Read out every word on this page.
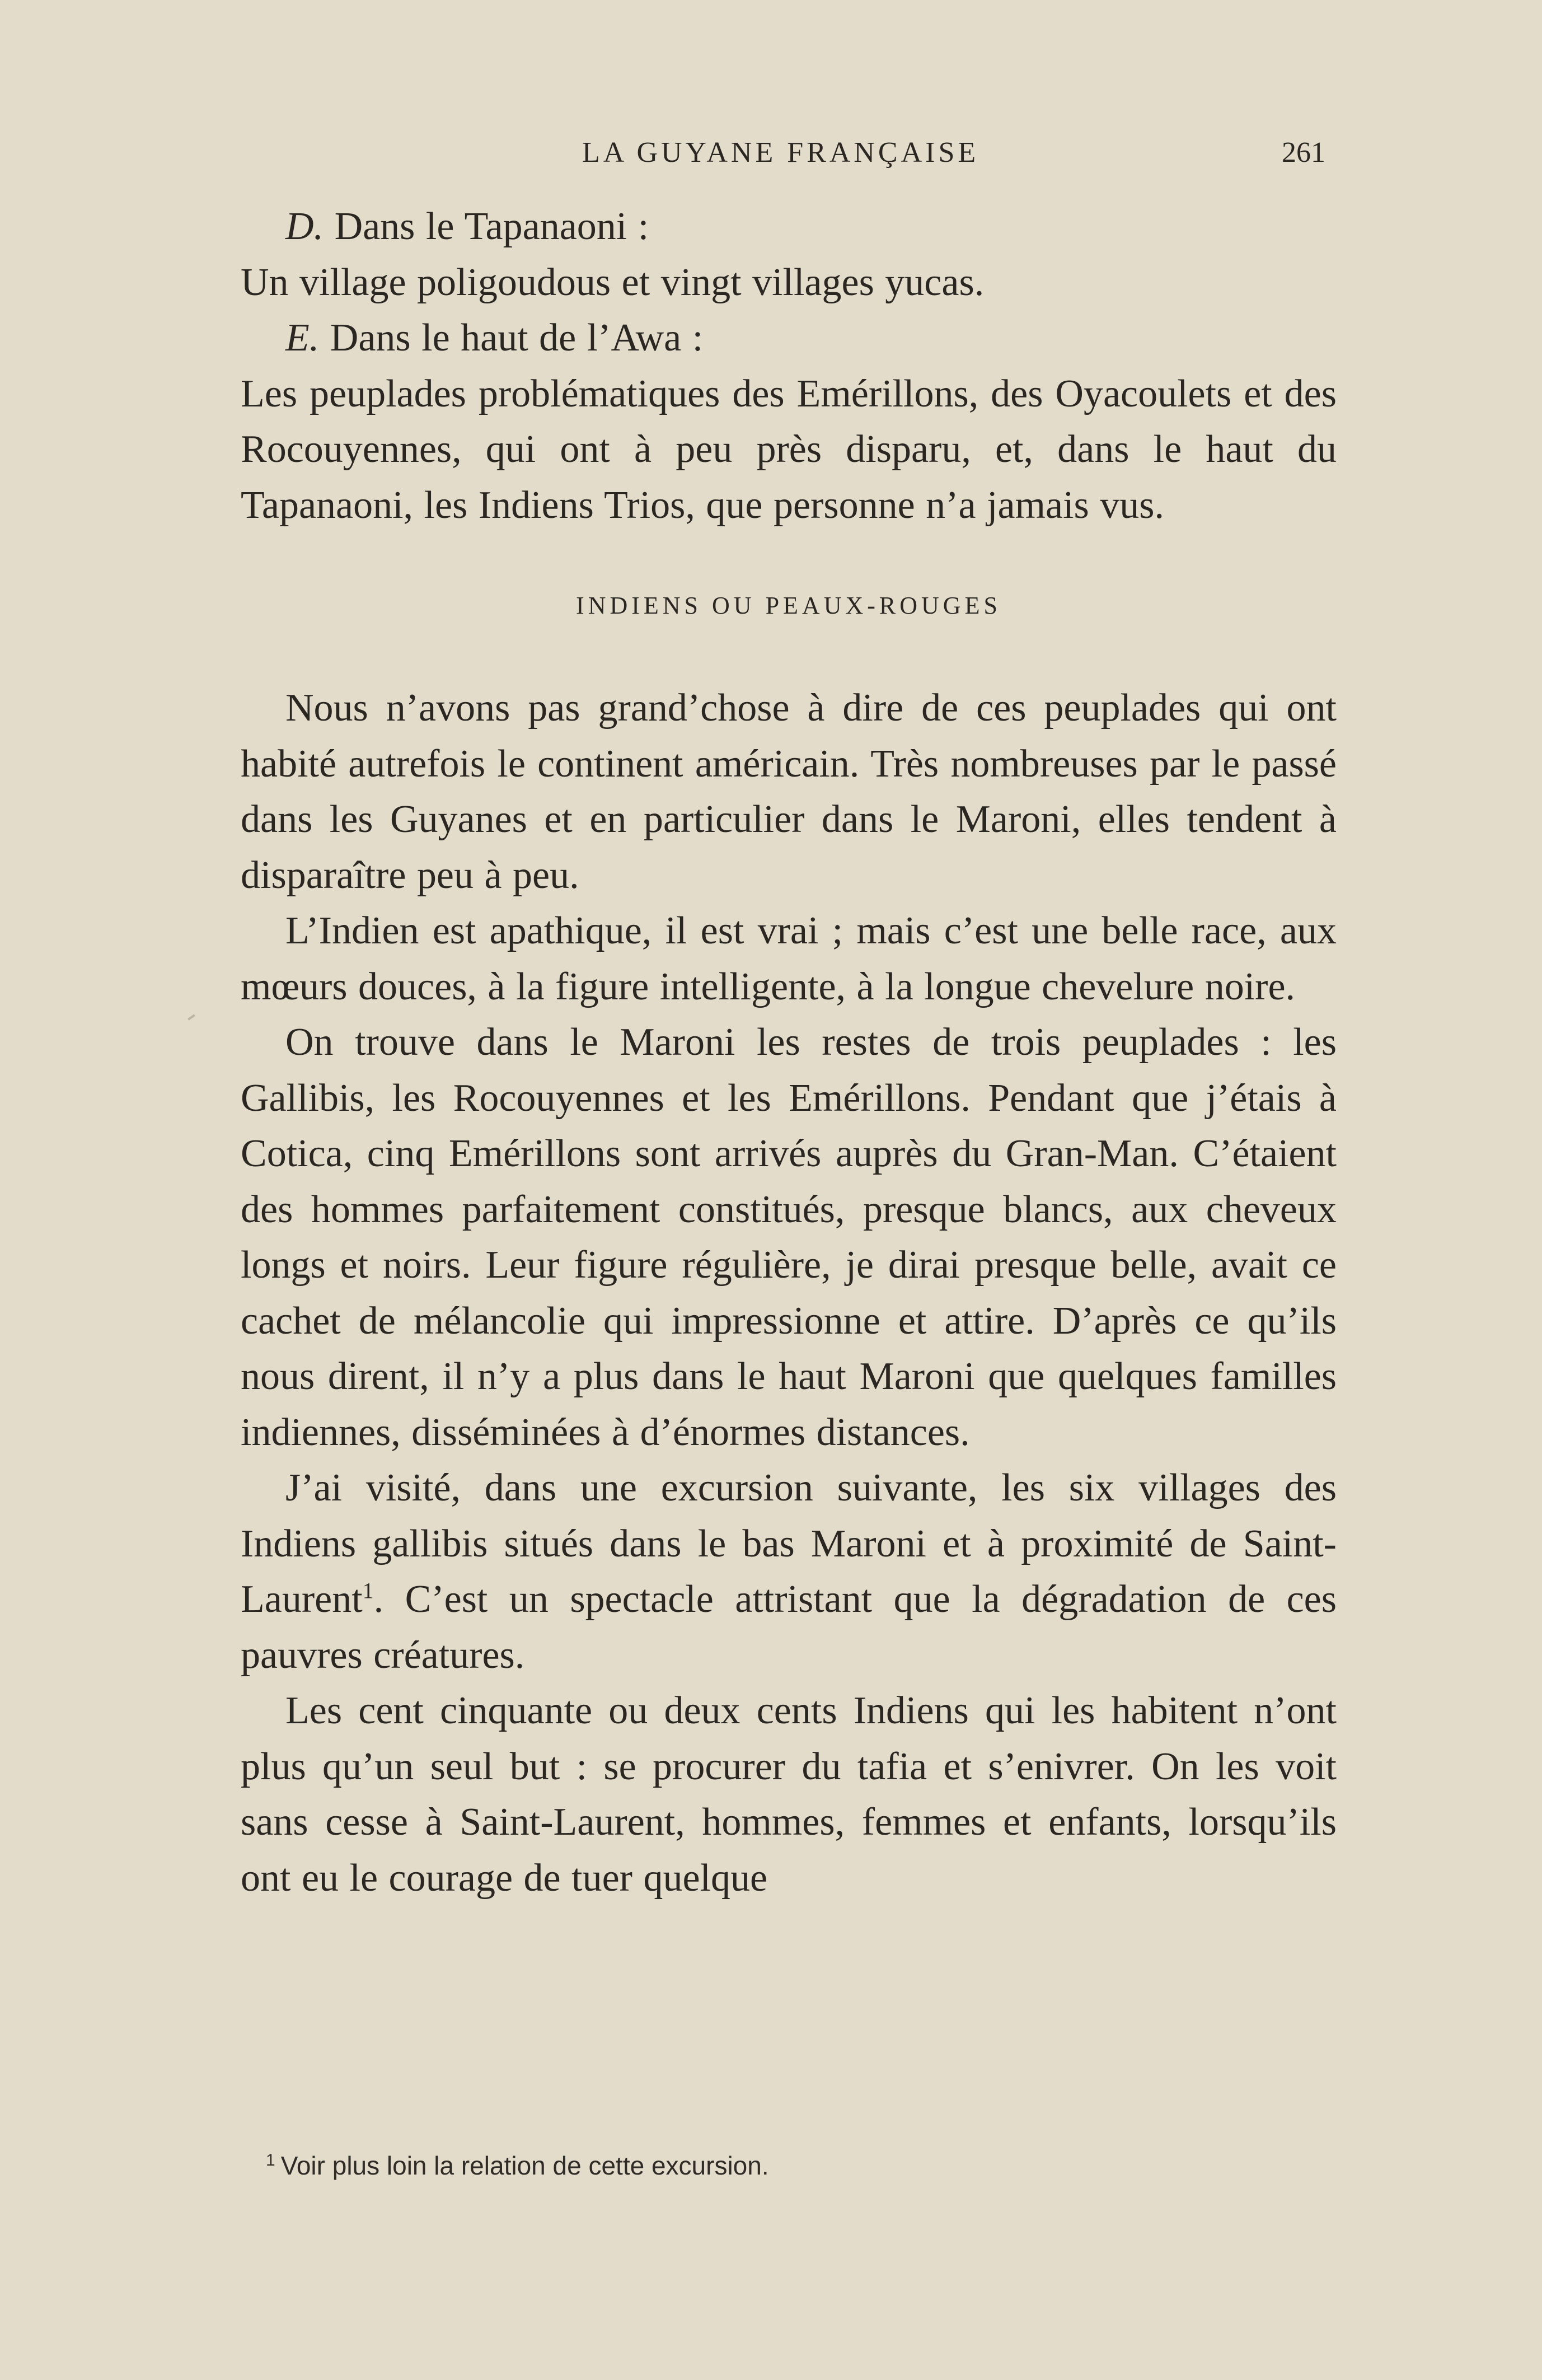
LA GUYANE FRANÇAISE	261

D. Dans le Tapanaoni :

Un village poligoudous et vingt villages yucas.

E. Dans le haut de l’Awa :

Les peuplades problématiques des Emérillons, des Oyacoulets et des Rocouyennes, qui ont à peu près disparu, et, dans le haut du Tapanaoni, les Indiens Trios, que personne n’a jamais vus.

INDIENS OU PEAUX-ROUGES

Nous n’avons pas grand’chose à dire de ces peuplades qui ont habité autrefois le continent américain. Très nombreuses par le passé dans les Guyanes et en particulier dans le Maroni, elles tendent à disparaître peu à peu.

L’Indien est apathique, il est vrai ; mais c’est une belle race, aux mœurs douces, à la figure intelligente, à la longue chevelure noire.

On trouve dans le Maroni les restes de trois peuplades : les Gallibis, les Rocouyennes et les Emérillons. Pendant que j’étais à Cotica, cinq Emérillons sont arrivés auprès du Gran-Man. C’étaient des hommes parfaitement constitués, presque blancs, aux cheveux longs et noirs. Leur figure régulière, je dirai presque belle, avait ce cachet de mélancolie qui impressionne et attire. D’après ce qu’ils nous dirent, il n’y a plus dans le haut Maroni que quelques familles indiennes, disséminées à d’énormes distances.

J’ai visité, dans une excursion suivante, les six villages des Indiens gallibis situés dans le bas Maroni et à proximité de Saint-Laurent$^1$. C’est un spectacle attristant que la dégradation de ces pauvres créatures.

Les cent cinquante ou deux cents Indiens qui les habitent n’ont plus qu’un seul but : se procurer du tafia et s’enivrer. On les voit sans cesse à Saint-Laurent, hommes, femmes et enfants, lorsqu’ils ont eu le courage de tuer quelque

$^1$ Voir plus loin la relation de cette excursion.
